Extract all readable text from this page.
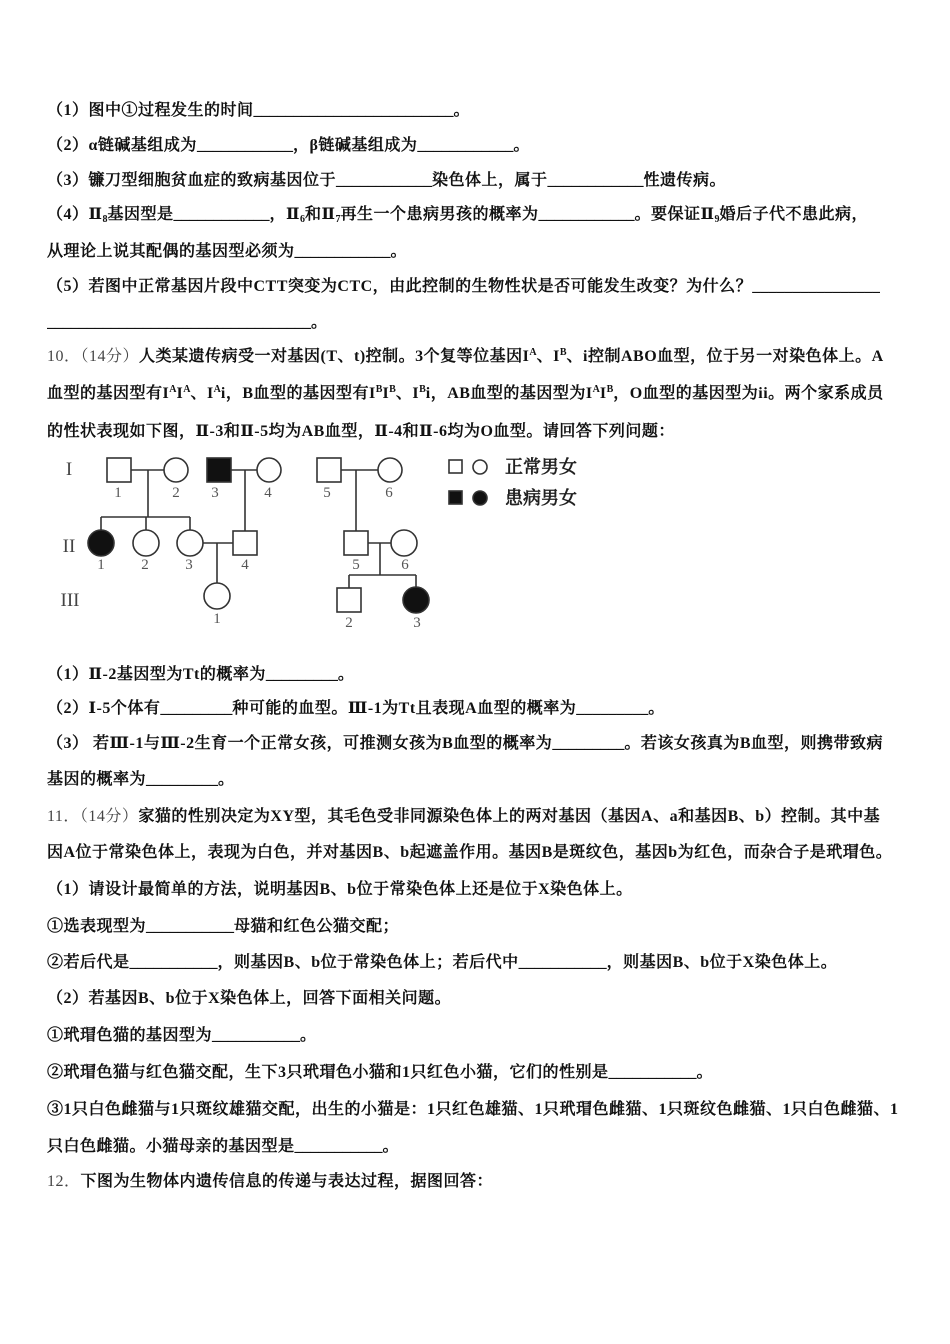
（1）图中①过程发生的时间_________________________。
（2）α链碱基组成为____________，β链碱基组成为____________。
（3）镰刀型细胞贫血症的致病基因位于____________染色体上，属于____________性遗传病。
$(4)Ⅱ_8$基因型是____________，$Ⅱ_6$和$Ⅱ_7$再生一个患病男孩的概率为____________。要保证$Ⅱ_9$婚后子代不患此病，
从理论上说其配偶的基因型必须为____________。
（5）若图中正常基因片段中CTT突变为CTC，由此控制的生物性状是否可能发生改变？为什么？________________
_________________________________。
10．（14分）人类某遗传病受一对基因(T、t)控制。3个复等位基因$I^A$、$I^B$、i控制ABO血型，位于另一对染色体上。A
血型的基因型有$I^AI^A$、$I^Ai$，B血型的基因型有$I^BI^B$、$I^Bi$，AB血型的基因型为$I^AI^B$，O血型的基因型为ii。两个家系成员
的性状表现如下图，Ⅱ-3和Ⅱ-5均为AB血型，Ⅱ-4和Ⅱ-6均为O血型。请回答下列问题：
I
II
III
1	2 3	4	5	6
1 2 3	4	5	6
1	2	3
正常男女
患病男女
（1）Ⅱ-2基因型为Tt的概率为_________。
（2）Ⅰ-5个体有_________种可能的血型。Ⅲ-1为Tt且表现A血型的概率为_________。
（3） 若Ⅲ-1与Ⅲ-2生育一个正常女孩，可推测女孩为B血型的概率为_________。若该女孩真为B血型，则携带致病
基因的概率为_________。
11．（14分）家猫的性别决定为XY型，其毛色受非同源染色体上的两对基因（基因A、a和基因B、b）控制。其中基
因A位于常染色体上，表现为白色，并对基因B、b起遮盖作用。基因B是斑纹色，基因b为红色，而杂合子是玳瑁色。
（1）请设计最简单的方法，说明基因B、b位于常染色体上还是位于X染色体上。
①选表现型为___________母猫和红色公猫交配；
②若后代是___________，则基因B、b位于常染色体上；若后代中___________，则基因B、b位于X染色体上。
（2）若基因B、b位于X染色体上，回答下面相关问题。
①玳瑁色猫的基因型为___________。
②玳瑁色猫与红色猫交配，生下3只玳瑁色小猫和1只红色小猫，它们的性别是___________。
③1只白色雌猫与1只斑纹雄猫交配，出生的小猫是：1只红色雄猫、1只玳瑁色雌猫、1只斑纹色雌猫、1只白色雌猫、1
只白色雌猫。小猫母亲的基因型是___________。
12．下图为生物体内遗传信息的传递与表达过程，据图回答：
